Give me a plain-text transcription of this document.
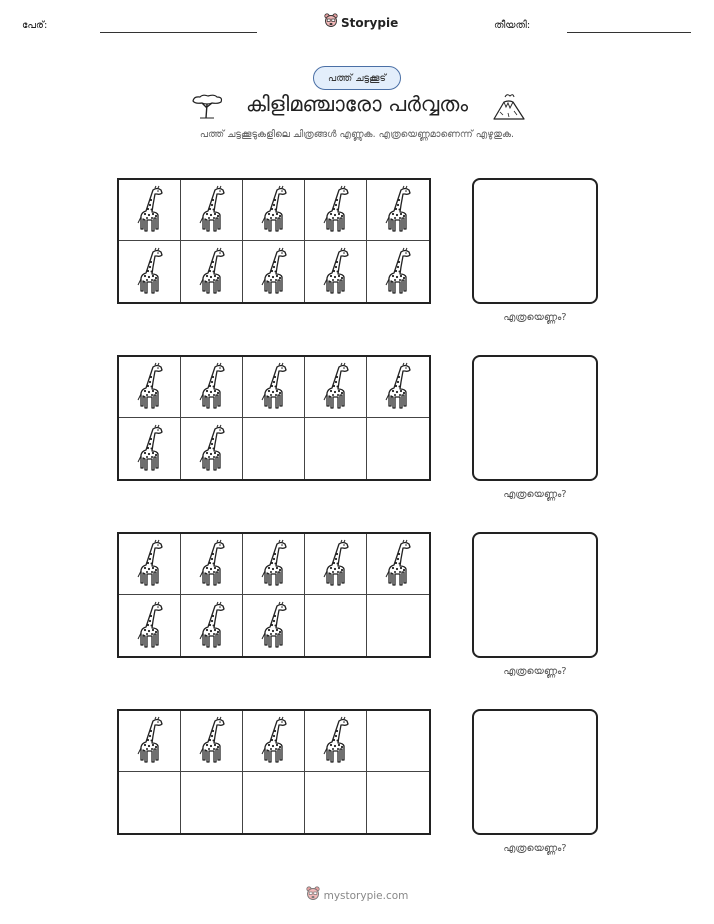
പേര്:	Storypie	തീയതി:
പത്ത് ചട്ടക്കൂട്
കിളിമഞ്ചാരോ പർവ്വതം
പത്ത് ചട്ടക്കൂടുകളിലെ ചിത്രങ്ങൾ എണ്ണുക. എത്രയെണ്ണമാണെന്ന് എഴുതുക.
എത്രയെണ്ണം?
എത്രയെണ്ണം?
എത്രയെണ്ണം?
എത്രയെണ്ണം?
mystorypie.com
